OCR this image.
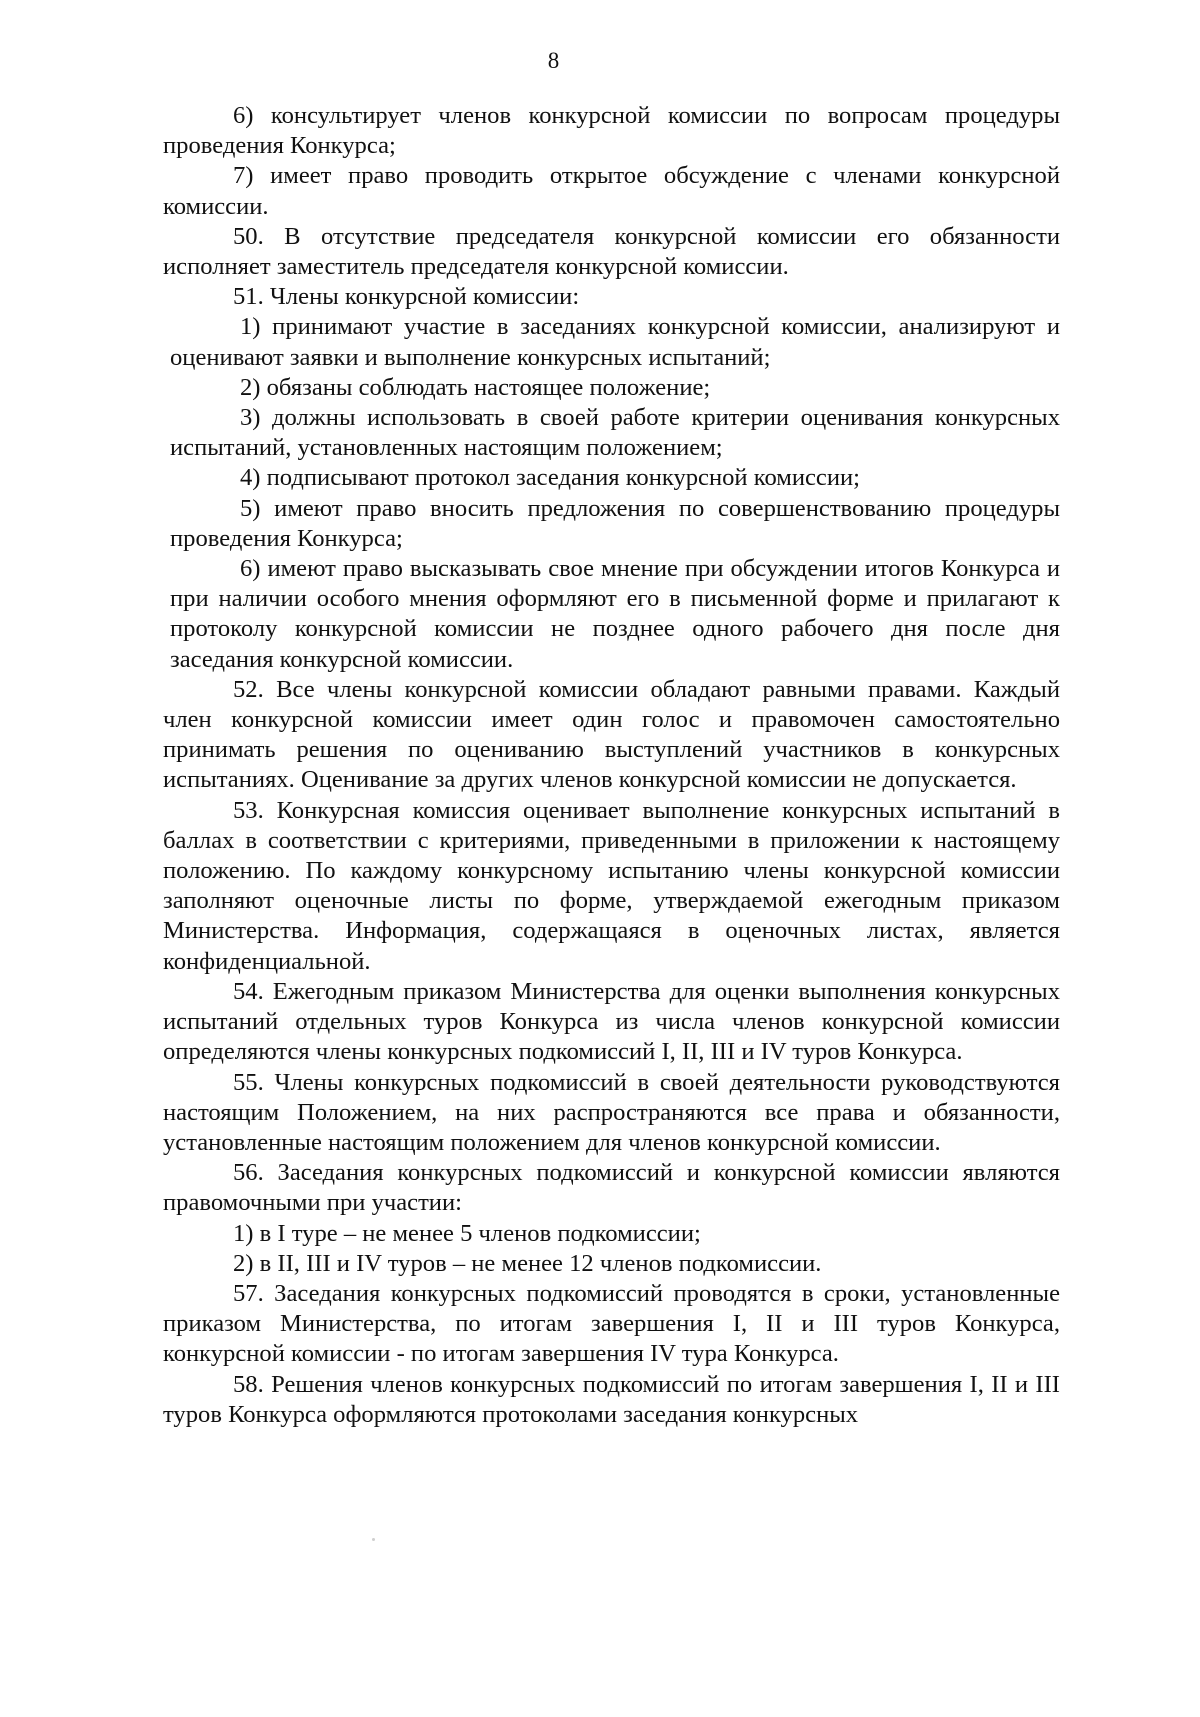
8

6) консультирует членов конкурсной комиссии по вопросам процедуры проведения Конкурса;

7) имеет право проводить открытое обсуждение с членами конкурсной комиссии.

50. В отсутствие председателя конкурсной комиссии его обязанности исполняет заместитель председателя конкурсной комиссии.

51. Члены конкурсной комиссии:

1) принимают участие в заседаниях конкурсной комиссии, анализируют и оценивают заявки и выполнение конкурсных испытаний;

2) обязаны соблюдать настоящее положение;

3) должны использовать в своей работе критерии оценивания конкурсных испытаний, установленных настоящим положением;

4) подписывают протокол заседания конкурсной комиссии;

5) имеют право вносить предложения по совершенствованию процедуры проведения Конкурса;

6) имеют право высказывать свое мнение при обсуждении итогов Конкурса и при наличии особого мнения оформляют его в письменной форме и прилагают к протоколу конкурсной комиссии не позднее одного рабочего дня после дня заседания конкурсной комиссии.

52. Все члены конкурсной комиссии обладают равными правами. Каждый член конкурсной комиссии имеет один голос и правомочен самостоятельно принимать решения по оцениванию выступлений участников в конкурсных испытаниях. Оценивание за других членов конкурсной комиссии не допускается.

53. Конкурсная комиссия оценивает выполнение конкурсных испытаний в баллах в соответствии с критериями, приведенными в приложении к настоящему положению. По каждому конкурсному испытанию члены конкурсной комиссии заполняют оценочные листы по форме, утверждаемой ежегодным приказом Министерства. Информация, содержащаяся в оценочных листах, является конфиденциальной.

54. Ежегодным приказом Министерства для оценки выполнения конкурсных испытаний отдельных туров Конкурса из числа членов конкурсной комиссии определяются члены конкурсных подкомиссий I, II, III и IV туров Конкурса.

55. Члены конкурсных подкомиссий в своей деятельности руководствуются настоящим Положением, на них распространяются все права и обязанности, установленные настоящим положением для членов конкурсной комиссии.

56. Заседания конкурсных подкомиссий и конкурсной комиссии являются правомочными при участии:

1) в I туре – не менее 5 членов подкомиссии;

2) в II, III и IV туров – не менее 12 членов подкомиссии.

57. Заседания конкурсных подкомиссий проводятся в сроки, установленные приказом Министерства, по итогам завершения I, II и III туров Конкурса, конкурсной комиссии - по итогам завершения IV тура Конкурса.

58. Решения членов конкурсных подкомиссий по итогам завершения I, II и III туров Конкурса оформляются протоколами заседания конкурсных
